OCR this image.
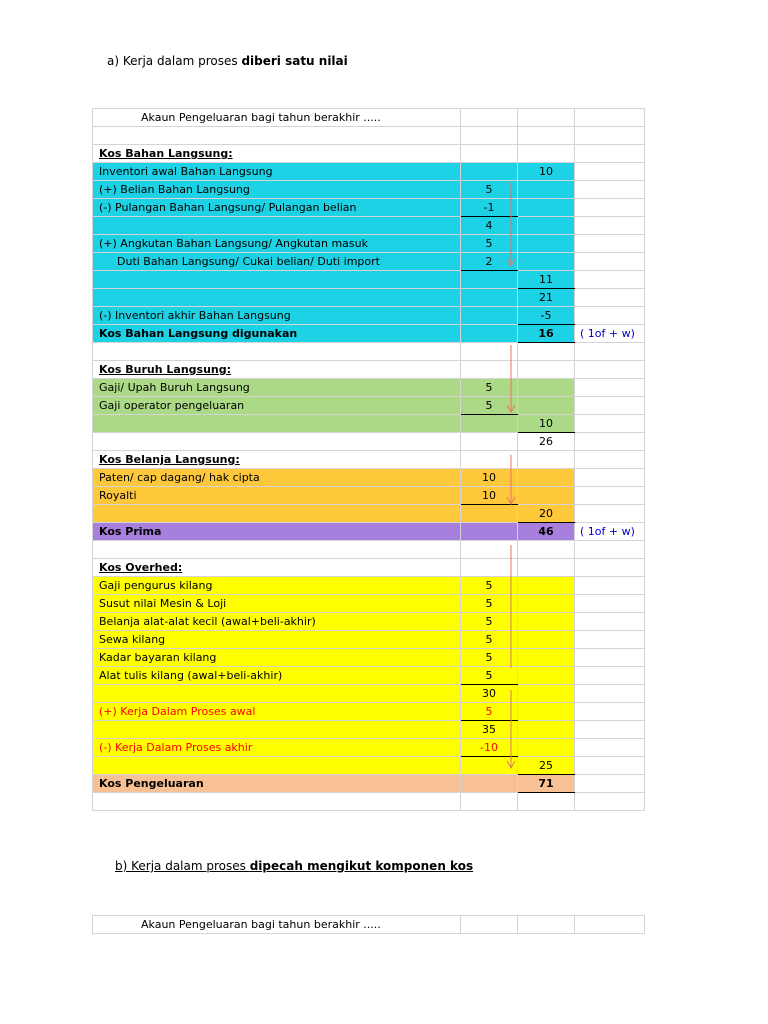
a) Kerja dalam proses diberi satu nilai
Akaun Pengeluaran bagi tahun berakhir .....			

Kos Bahan Langsung:			
Inventori awal Bahan Langsung		10	
(+) Belian Bahan Langsung	5		
(-) Pulangan Bahan Langsung/ Pulangan belian	-1		
	4		
(+) Angkutan Bahan Langsung/ Angkutan masuk	5		
Duti Bahan Langsung/ Cukai belian/ Duti import	2		
		11	
		21	
(-) Inventori akhir Bahan Langsung		-5	
Kos Bahan Langsung digunakan		16	( 1of + w)

Kos Buruh Langsung:			
Gaji/ Upah Buruh Langsung	5		
Gaji operator pengeluaran	5		
		10	
		26	
Kos Belanja Langsung:			
Paten/ cap dagang/ hak cipta	10		
Royalti	10		
		20	
Kos Prima		46	( 1of + w)

Kos Overhed:			
Gaji pengurus kilang	5		
Susut nilai Mesin & Loji	5		
Belanja alat-alat kecil (awal+beli-akhir)	5		
Sewa kilang	5		
Kadar bayaran kilang	5		
Alat tulis kilang (awal+beli-akhir)	5		
	30		
(+) Kerja Dalam Proses awal	5		
	35		
(-) Kerja Dalam Proses akhir	-10		
		25	
Kos Pengeluaran		71	

b) Kerja dalam proses dipecah mengikut komponen kos
Akaun Pengeluaran bagi tahun berakhir .....			
